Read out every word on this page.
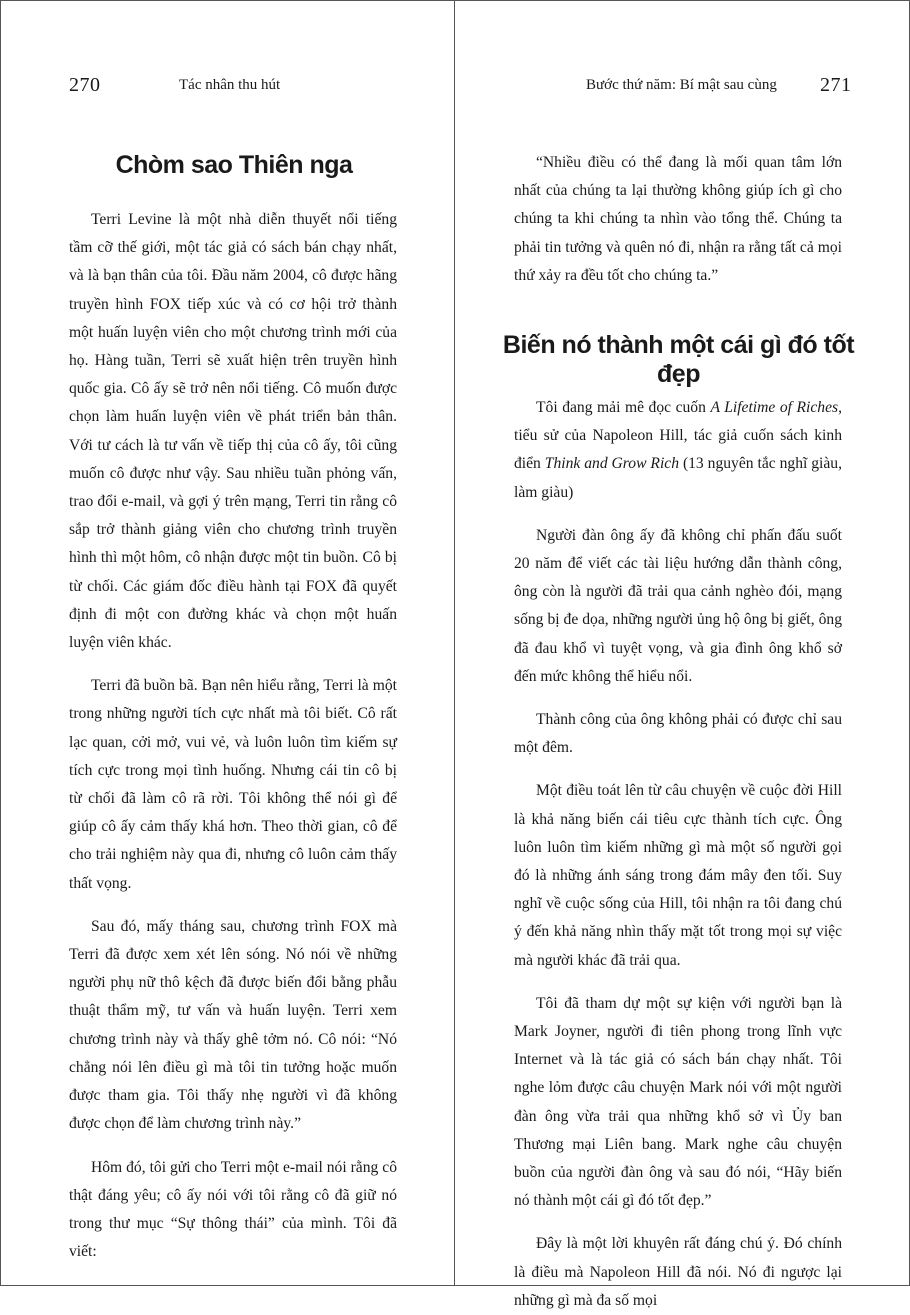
270	Tác nhân thu hút
Chòm sao Thiên nga

Terri Levine là một nhà diễn thuyết nổi tiếng tầm cỡ thế giới, một tác giả có sách bán chạy nhất, và là bạn thân của tôi. Đầu năm 2004, cô được hãng truyền hình FOX tiếp xúc và có cơ hội trở thành một huấn luyện viên cho một chương trình mới của họ. Hàng tuần, Terri sẽ xuất hiện trên truyền hình quốc gia. Cô ấy sẽ trở nên nổi tiếng. Cô muốn được chọn làm huấn luyện viên về phát triển bản thân. Với tư cách là tư vấn về tiếp thị của cô ấy, tôi cũng muốn cô được như vậy. Sau nhiều tuần phỏng vấn, trao đổi e-mail, và gợi ý trên mạng, Terri tin rằng cô sắp trở thành giảng viên cho chương trình truyền hình thì một hôm, cô nhận được một tin buồn. Cô bị từ chối. Các giám đốc điều hành tại FOX đã quyết định đi một con đường khác và chọn một huấn luyện viên khác.

Terri đã buồn bã. Bạn nên hiểu rằng, Terri là một trong những người tích cực nhất mà tôi biết. Cô rất lạc quan, cởi mở, vui vẻ, và luôn luôn tìm kiếm sự tích cực trong mọi tình huống. Nhưng cái tin cô bị từ chối đã làm cô rã rời. Tôi không thể nói gì để giúp cô ấy cảm thấy khá hơn. Theo thời gian, cô để cho trải nghiệm này qua đi, nhưng cô luôn cảm thấy thất vọng.

Sau đó, mấy tháng sau, chương trình FOX mà Terri đã được xem xét lên sóng. Nó nói về những người phụ nữ thô kệch đã được biến đổi bằng phẫu thuật thẩm mỹ, tư vấn và huấn luyện. Terri xem chương trình này và thấy ghê tởm nó. Cô nói: “Nó chẳng nói lên điều gì mà tôi tin tưởng hoặc muốn được tham gia. Tôi thấy nhẹ người vì đã không được chọn để làm chương trình này.”

Hôm đó, tôi gửi cho Terri một e-mail nói rằng cô thật đáng yêu; cô ấy nói với tôi rằng cô đã giữ nó trong thư mục “Sự thông thái” của mình. Tôi đã viết:

Bước thứ năm: Bí mật sau cùng 271

“Nhiều điều có thể đang là mối quan tâm lớn nhất của chúng ta lại thường không giúp ích gì cho chúng ta khi chúng ta nhìn vào tổng thể. Chúng ta phải tin tưởng và quên nó đi, nhận ra rằng tất cả mọi thứ xảy ra đều tốt cho chúng ta.”

Biến nó thành một cái gì đó tốt đẹp

Tôi đang mải mê đọc cuốn A Lifetime of Riches, tiểu sử của Napoleon Hill, tác giả cuốn sách kinh điển Think and Grow Rich (13 nguyên tắc nghĩ giàu, làm giàu)

Người đàn ông ấy đã không chỉ phấn đấu suốt 20 năm để viết các tài liệu hướng dẫn thành công, ông còn là người đã trải qua cảnh nghèo đói, mạng sống bị đe dọa, những người ủng hộ ông bị giết, ông đã đau khổ vì tuyệt vọng, và gia đình ông khổ sở đến mức không thể hiểu nổi.

Thành công của ông không phải có được chỉ sau một đêm.

Một điều toát lên từ câu chuyện về cuộc đời Hill là khả năng biến cái tiêu cực thành tích cực. Ông luôn luôn tìm kiếm những gì mà một số người gọi đó là những ánh sáng trong đám mây đen tối. Suy nghĩ về cuộc sống của Hill, tôi nhận ra tôi đang chú ý đến khả năng nhìn thấy mặt tốt trong mọi sự việc mà người khác đã trải qua.

Tôi đã tham dự một sự kiện với người bạn là Mark Joyner, người đi tiên phong trong lĩnh vực Internet và là tác giả có sách bán chạy nhất. Tôi nghe lỏm được câu chuyện Mark nói với một người đàn ông vừa trải qua những khổ sở vì Ủy ban Thương mại Liên bang. Mark nghe câu chuyện buồn của người đàn ông và sau đó nói, “Hãy biến nó thành một cái gì đó tốt đẹp.”

Đây là một lời khuyên rất đáng chú ý. Đó chính là điều mà Napoleon Hill đã nói. Nó đi ngược lại những gì mà đa số mọi
